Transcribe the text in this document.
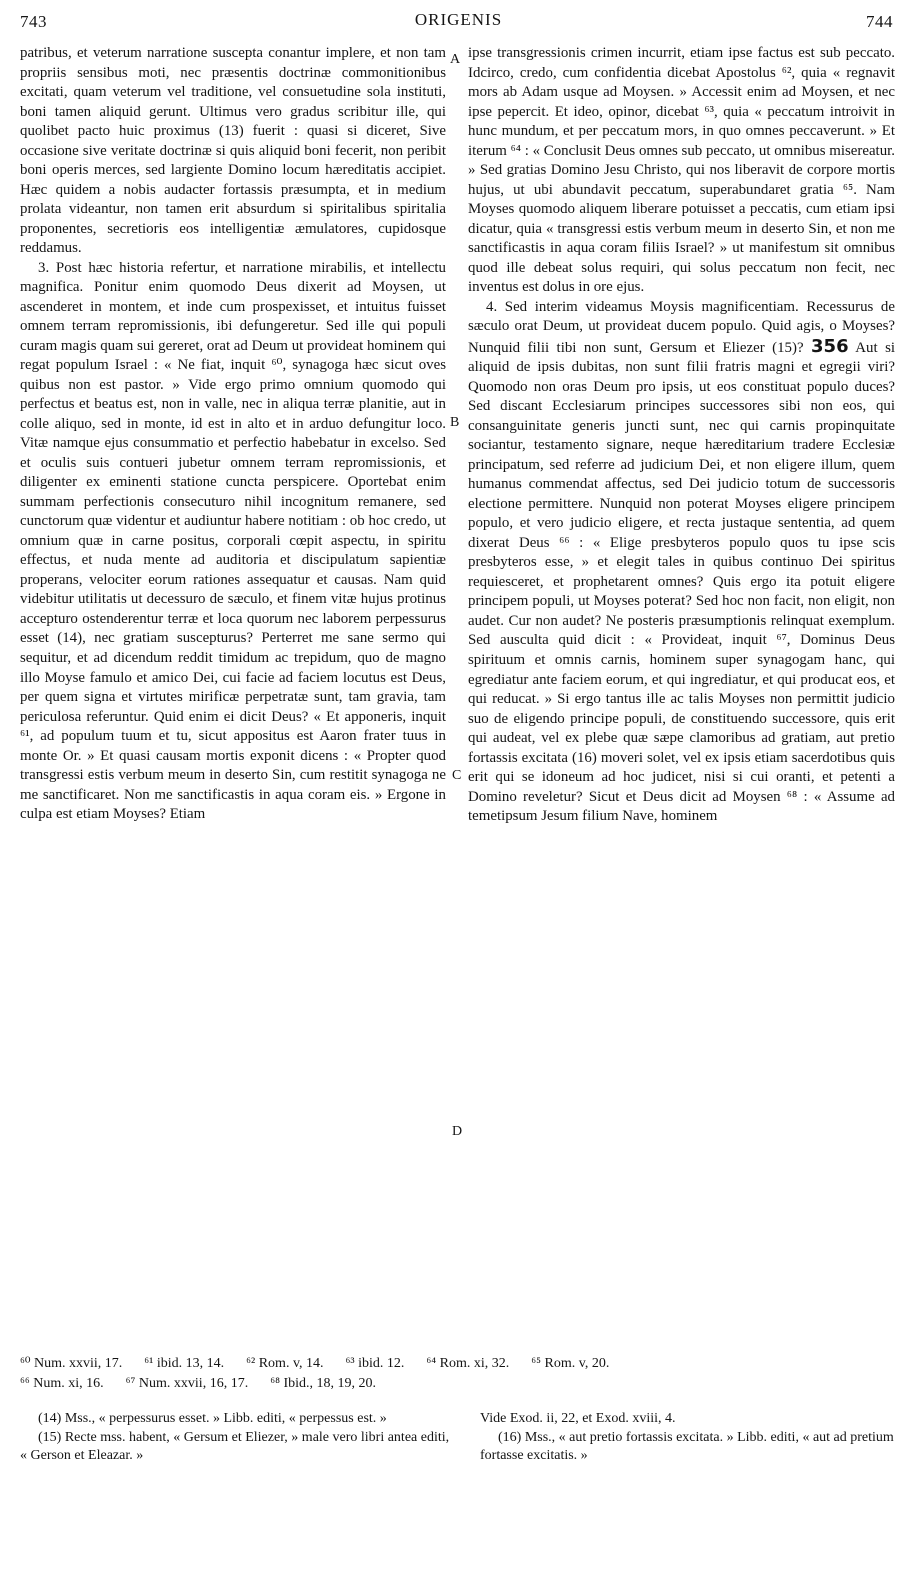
743	ORIGENIS	744

patribus, et veterum narratione suscepta conantur implere, et non tam propriis sensibus moti, nec præsentis doctrinæ commonitionibus excitati, quam veterum vel traditione, vel consuetudine sola instituti, boni tamen aliquid gerunt. Ultimus vero gradus scribitur ille, qui quolibet pacto huic proximus (13) fuerit : quasi si diceret, Sive occasione sive veritate doctrinæ si quis aliquid boni fecerit, non peribit boni operis merces, sed largiente Domino locum hæreditatis accipiet. Hæc quidem a nobis audacter fortassis præsumpta, et in medium prolata videantur, non tamen erit absurdum si spiritalibus spiritalia proponentes, secretioris eos intelligentiæ æmulatores, cupidosque reddamus.

3. Post hæc historia refertur, et narratione mirabilis, et intellectu magnifica. Ponitur enim quomodo Deus dixerit ad Moysen, ut ascenderet in montem, et inde cum prospexisset, et intuitus fuisset omnem terram repromissionis, ibi defungeretur. Sed ille qui populi curam magis quam sui gereret, orat ad Deum ut provideat hominem qui regat populum Israel : « Ne fiat, inquit ⁶⁰, synagoga hæc sicut oves quibus non est pastor. » Vide ergo primo omnium quomodo qui perfectus et beatus est, non in valle, nec in aliqua terræ planitie, aut in colle aliquo, sed in monte, id est in alto et in arduo defungitur loco. Vitæ namque ejus consummatio et perfectio habebatur in excelso. Sed et oculis suis contueri jubetur omnem terram repromissionis, et diligenter ex eminenti statione cuncta perspicere. Oportebat enim summam perfectionis consecuturo nihil incognitum remanere, sed cunctorum quæ videntur et audiuntur habere notitiam : ob hoc credo, ut omnium quæ in carne positus, corporali cœpit aspectu, in spiritu effectus, et nuda mente ad auditoria et discipulatum sapientiæ properans, velociter eorum rationes assequatur et causas. Nam quid videbitur utilitatis ut decessuro de sæculo, et finem vitæ hujus protinus accepturo ostenderentur terræ et loca quorum nec laborem perpessurus esset (14), nec gratiam suscepturus? Perterret me sane sermo qui sequitur, et ad dicendum reddit timidum ac trepidum, quo de magno illo Moyse famulo et amico Dei, cui facie ad faciem locutus est Deus, per quem signa et virtutes mirificæ perpetratæ sunt, tam gravia, tam periculosa referuntur. Quid enim ei dicit Deus? « Et apponeris, inquit ⁶¹, ad populum tuum et tu, sicut appositus est Aaron frater tuus in monte Or. » Et quasi causam mortis exponit dicens : « Propter quod transgressi estis verbum meum in deserto Sin, cum restitit synagoga ne me sanctificaret. Non me sanctificastis in aqua coram eis. » Ergone in culpa est etiam Moyses? Etiam

A
B
C
D

ipse transgressionis crimen incurrit, etiam ipse factus est sub peccato. Idcirco, credo, cum confidentia dicebat Apostolus ⁶², quia « regnavit mors ab Adam usque ad Moysen. » Accessit enim ad Moysen, et nec ipse pepercit. Et ideo, opinor, dicebat ⁶³, quia « peccatum introivit in hunc mundum, et per peccatum mors, in quo omnes peccaverunt. » Et iterum ⁶⁴ : « Conclusit Deus omnes sub peccato, ut omnibus misereatur. » Sed gratias Domino Jesu Christo, qui nos liberavit de corpore mortis hujus, ut ubi abundavit peccatum, superabundaret gratia ⁶⁵. Nam Moyses quomodo aliquem liberare potuisset a peccatis, cum etiam ipsi dicatur, quia « transgressi estis verbum meum in deserto Sin, et non me sanctificastis in aqua coram filiis Israel? » ut manifestum sit omnibus quod ille debeat solus requiri, qui solus peccatum non fecit, nec inventus est dolus in ore ejus.

4. Sed interim videamus Moysis magnificentiam. Recessurus de sæculo orat Deum, ut provideat ducem populo. Quid agis, o Moyses? Nunquid filii tibi non sunt, Gersum et Eliezer (15)? 356 Aut si aliquid de ipsis dubitas, non sunt filii fratris magni et egregii viri? Quomodo non oras Deum pro ipsis, ut eos constituat populo duces? Sed discant Ecclesiarum principes successores sibi non eos, qui consanguinitate generis juncti sunt, nec qui carnis propinquitate sociantur, testamento signare, neque hæreditarium tradere Ecclesiæ principatum, sed referre ad judicium Dei, et non eligere illum, quem humanus commendat affectus, sed Dei judicio totum de successoris electione permittere. Nunquid non poterat Moyses eligere principem populo, et vero judicio eligere, et recta justaque sententia, ad quem dixerat Deus ⁶⁶ : « Elige presbyteros populo quos tu ipse scis presbyteros esse, » et elegit tales in quibus continuo Dei spiritus requiesceret, et prophetarent omnes? Quis ergo ita potuit eligere principem populi, ut Moyses poterat? Sed hoc non facit, non eligit, non audet. Cur non audet? Ne posteris præsumptionis relinquat exemplum. Sed ausculta quid dicit : « Provideat, inquit ⁶⁷, Dominus Deus spirituum et omnis carnis, hominem super synagogam hanc, qui egrediatur ante faciem eorum, et qui ingrediatur, et qui producat eos, et qui reducat. » Si ergo tantus ille ac talis Moyses non permittit judicio suo de eligendo principe populi, de constituendo successore, quis erit qui audeat, vel ex plebe quæ sæpe clamoribus ad gratiam, aut pretio fortassis excitata (16) moveri solet, vel ex ipsis etiam sacerdotibus quis erit qui se idoneum ad hoc judicet, nisi si cui oranti, et petenti a Domino reveletur? Sicut et Deus dicit ad Moysen ⁶⁸ : « Assume ad temetipsum Jesum filium Nave, hominem

⁶⁰ Num. xxvii, 17. ⁶¹ ibid. 13, 14. ⁶² Rom. v, 14. ⁶³ ibid. 12. ⁶⁴ Rom. xi, 32. ⁶⁵ Rom. v, 20.
⁶⁶ Num. xi, 16. ⁶⁷ Num. xxvii, 16, 17. ⁶⁸ Ibid., 18, 19, 20.

(14) Mss., « perpessurus esset. » Libb. editi, « perpessus est. »

(15) Recte mss. habent, « Gersum et Eliezer, » male vero libri antea editi, « Gerson et Eleazar. »

Vide Exod. ii, 22, et Exod. xviii, 4.

(16) Mss., « aut pretio fortassis excitata. » Libb. editi, « aut ad pretium fortasse excitatis. »
